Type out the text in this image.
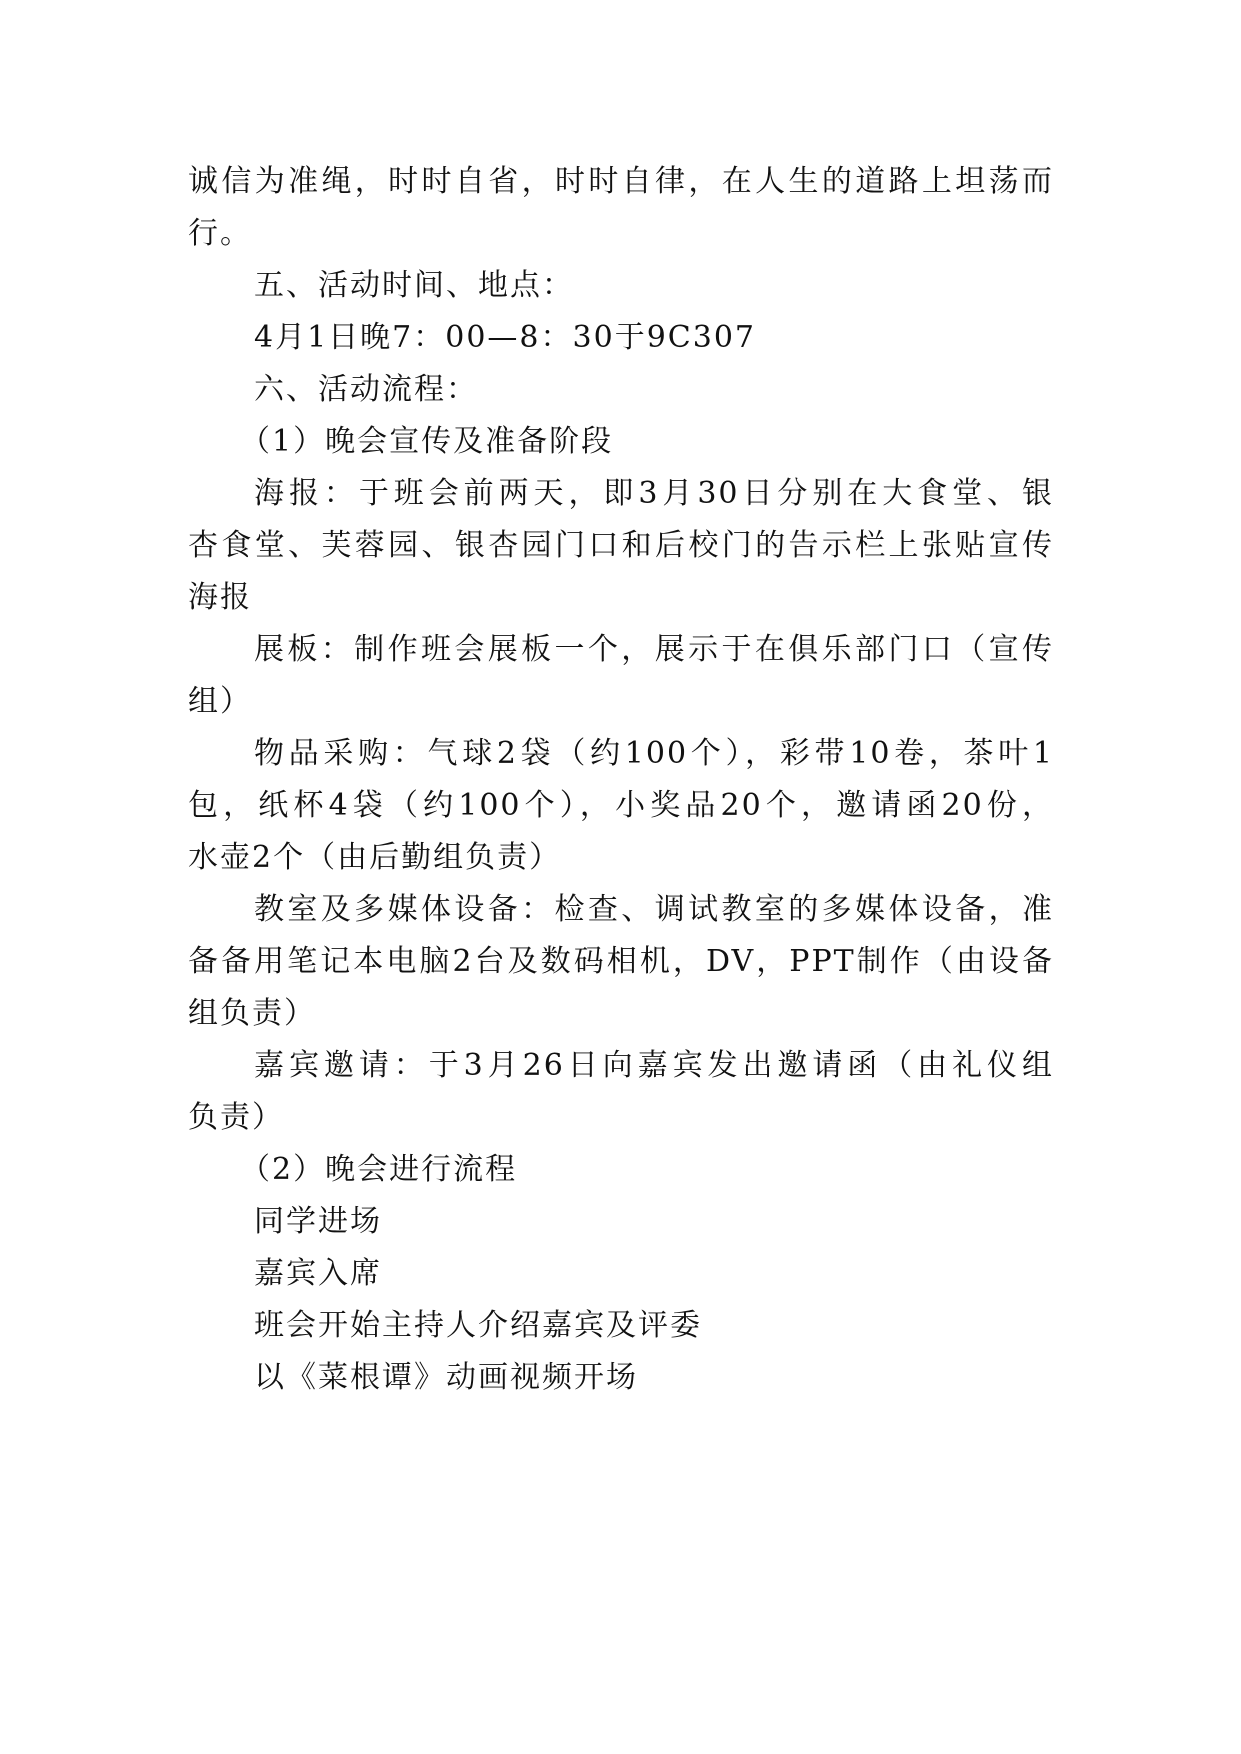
诚信为准绳，时时自省，时时自律，在人生的道路上坦荡而
行。
五、活动时间、地点：
4月1日晚7：00—8：30于9C307
六、活动流程：
（1）晚会宣传及准备阶段
海报：于班会前两天，即3月30日分别在大食堂、银
杏食堂、芙蓉园、银杏园门口和后校门的告示栏上张贴宣传
海报
展板：制作班会展板一个，展示于在俱乐部门口（宣传
组）
物品采购：气球2袋（约100个），彩带10卷，茶叶1
包，纸杯4袋（约100个），小奖品20个，邀请函20份，
水壶2个（由后勤组负责）
教室及多媒体设备：检查、调试教室的多媒体设备，准
备备用笔记本电脑2台及数码相机，DV，PPT制作（由设备
组负责）
嘉宾邀请：于3月26日向嘉宾发出邀请函（由礼仪组
负责）
（2）晚会进行流程
同学进场
嘉宾入席
班会开始主持人介绍嘉宾及评委
以《菜根谭》动画视频开场
